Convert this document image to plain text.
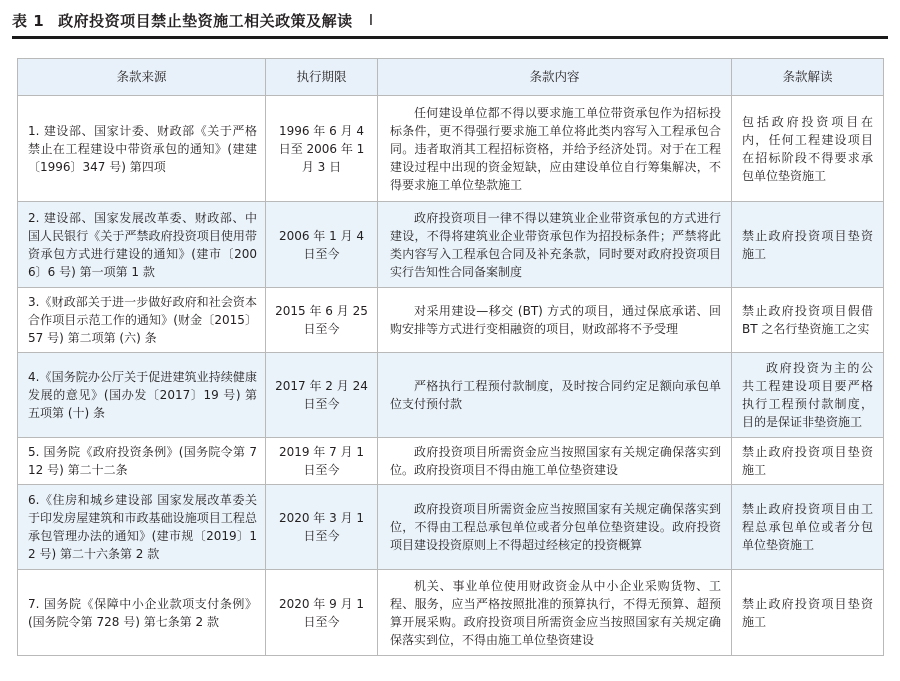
表 1 政府投资项目禁止垫资施工相关政策及解读 Ⅰ
条款来源	执行期限	条款内容	条款解读
1. 建设部、国家计委、财政部《关于严格禁止在工程建设中带资承包的通知》(建建〔1996〕347 号) 第四项	1996 年 6 月 4 日至 2006 年 1 月 3 日	任何建设单位都不得以要求施工单位带资承包作为招标投标条件，更不得强行要求施工单位将此类内容写入工程承包合同。违者取消其工程招标资格，并给予经济处罚。对于在工程建设过程中出现的资金短缺，应由建设单位自行筹集解决，不得要求施工单位垫款施工	包括政府投资项目在内，任何工程建设项目在招标阶段不得要求承包单位垫资施工
2. 建设部、国家发展改革委、财政部、中国人民银行《关于严禁政府投资项目使用带资承包方式进行建设的通知》(建市〔2006〕6 号) 第一项第 1 款	2006 年 1 月 4 日至今	政府投资项目一律不得以建筑业企业带资承包的方式进行建设，不得将建筑业企业带资承包作为招投标条件；严禁将此类内容写入工程承包合同及补充条款，同时要对政府投资项目实行告知性合同备案制度	禁止政府投资项目垫资施工
3.《财政部关于进一步做好政府和社会资本合作项目示范工作的通知》(财金〔2015〕57 号) 第二项第 (六) 条	2015 年 6 月 25 日至今	对采用建设—移交 (BT) 方式的项目，通过保底承诺、回购安排等方式进行变相融资的项目，财政部将不予受理	禁止政府投资项目假借 BT 之名行垫资施工之实
4.《国务院办公厅关于促进建筑业持续健康发展的意见》(国办发〔2017〕19 号) 第五项第 (十) 条	2017 年 2 月 24 日至今	严格执行工程预付款制度，及时按合同约定足额向承包单位支付预付款	政府投资为主的公共工程建设项目要严格执行工程预付款制度，目的是保证非垫资施工

5. 国务院《政府投资条例》(国务院令第 712 号) 第二十二条	2019 年 7 月 1 日至今	政府投资项目所需资金应当按照国家有关规定确保落实到位。政府投资项目不得由施工单位垫资建设	禁止政府投资项目垫资施工
6.《住房和城乡建设部 国家发展改革委关于印发房屋建筑和市政基础设施项目工程总承包管理办法的通知》(建市规〔2019〕12 号) 第二十六条第 2 款	2020 年 3 月 1 日至今	政府投资项目所需资金应当按照国家有关规定确保落实到位，不得由工程总承包单位或者分包单位垫资建设。政府投资项目建设投资原则上不得超过经核定的投资概算	禁止政府投资项目由工程总承包单位或者分包单位垫资施工
7. 国务院《保障中小企业款项支付条例》(国务院令第 728 号) 第七条第 2 款	2020 年 9 月 1 日至今	机关、事业单位使用财政资金从中小企业采购货物、工程、服务，应当严格按照批准的预算执行，不得无预算、超预算开展采购。政府投资项目所需资金应当按照国家有关规定确保落实到位，不得由施工单位垫资建设	禁止政府投资项目垫资施工
